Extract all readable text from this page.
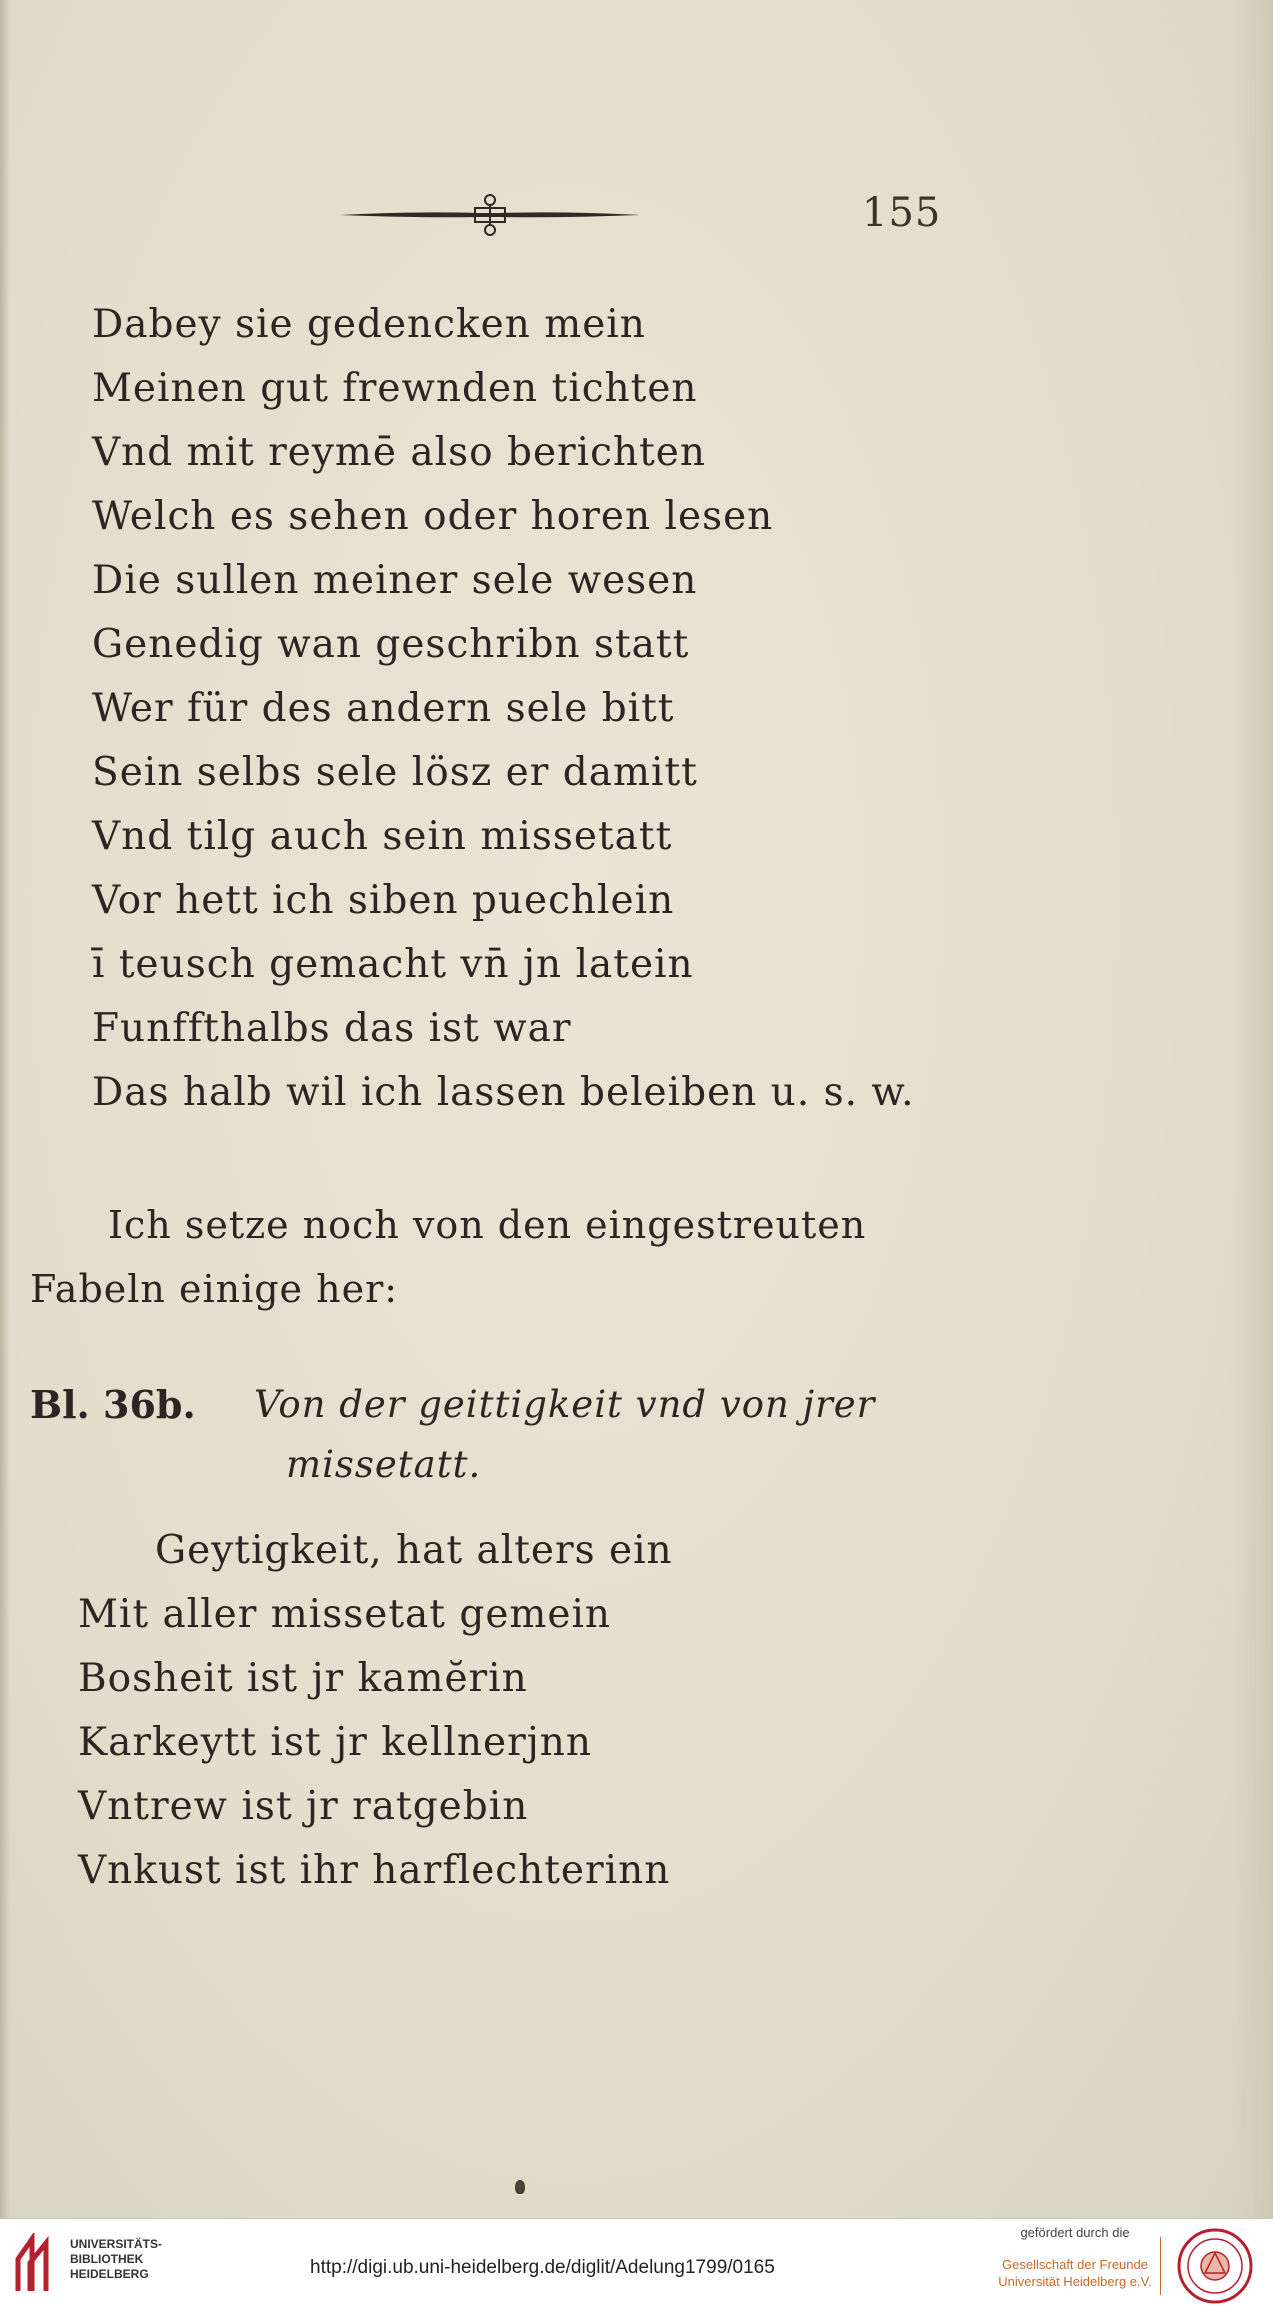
155
Dabey sie gedencken mein
Meinen gut frewnden tichten
Vnd mit reymē also berichten
Welch es sehen oder horen lesen
Die sullen meiner sele wesen
Genedig wan geschribn statt
Wer für des andern sele bitt
Sein selbs sele lösz er damitt
Vnd tilg auch sein missetatt
Vor hett ich siben puechlein
ī teusch gemacht vn̄ jn latein
Funffthalbs das ist war
Das halb wil ich lassen beleiben u. s. w.
Ich setze noch von den eingestreuten
Fabeln einige her:
Bl. 36b. Von der geittigkeit vnd von jrer
missetatt.
Geytigkeit, hat alters ein
Mit aller missetat gemein
Bosheit ist jr kamĕrin
Karkeytt ist jr kellnerjnn
Vntrew ist jr ratgebin
Vnkust ist ihr harflechterinn
UNIVERSITÄTS-
BIBLIOTHEK
HEIDELBERG	http://digi.ub.uni-heidelberg.de/diglit/Adelung1799/0165
gefördert durch die
Gesellschaft der Freunde
Universität Heidelberg e.V.
